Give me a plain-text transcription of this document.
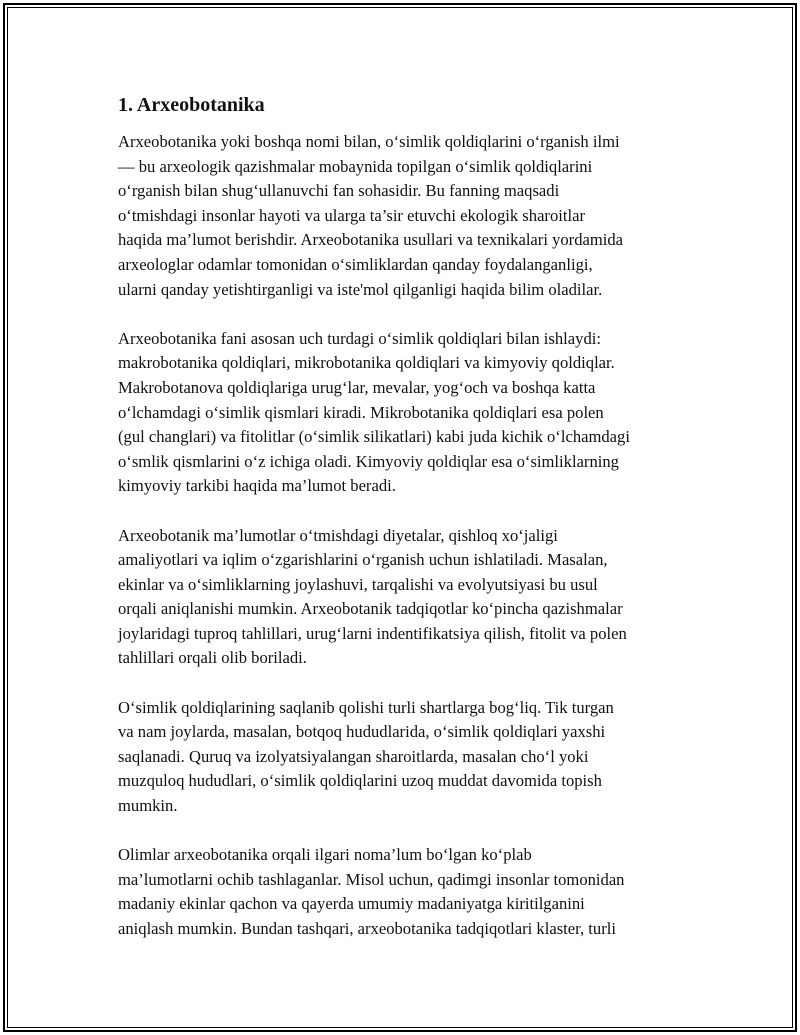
1. Arxeobotanika
Arxeobotanika yoki boshqa nomi bilan, o‘simlik qoldiqlarini o‘rganish ilmi
— bu arxeologik qazishmalar mobaynida topilgan o‘simlik qoldiqlarini
o‘rganish bilan shug‘ullanuvchi fan sohasidir. Bu fanning maqsadi
o‘tmishdagi insonlar hayoti va ularga ta’sir etuvchi ekologik sharoitlar
haqida ma’lumot berishdir. Arxeobotanika usullari va texnikalari yordamida
arxeologlar odamlar tomonidan o‘simliklardan qanday foydalanganligi,
ularni qanday yetishtirganligi va iste'mol qilganligi haqida bilim oladilar.
Arxeobotanika fani asosan uch turdagi o‘simlik qoldiqlari bilan ishlaydi:
makrobotanika qoldiqlari, mikrobotanika qoldiqlari va kimyoviy qoldiqlar.
Makrobotanova qoldiqlariga urug‘lar, mevalar, yog‘och va boshqa katta
o‘lchamdagi o‘simlik qismlari kiradi. Mikrobotanika qoldiqlari esa polen
(gul changlari) va fitolitlar (o‘simlik silikatlari) kabi juda kichik o‘lchamdagi
o‘smlik qismlarini o‘z ichiga oladi. Kimyoviy qoldiqlar esa o‘simliklarning
kimyoviy tarkibi haqida ma’lumot beradi.
Arxeobotanik ma’lumotlar o‘tmishdagi diyetalar, qishloq xo‘jaligi
amaliyotlari va iqlim o‘zgarishlarini o‘rganish uchun ishlatiladi. Masalan,
ekinlar va o‘simliklarning joylashuvi, tarqalishi va evolyutsiyasi bu usul
orqali aniqlanishi mumkin. Arxeobotanik tadqiqotlar ko‘pincha qazishmalar
joylaridagi tuproq tahlillari, urug‘larni indentifikatsiya qilish, fitolit va polen
tahlillari orqali olib boriladi.
O‘simlik qoldiqlarining saqlanib qolishi turli shartlarga bog‘liq. Tik turgan
va nam joylarda, masalan, botqoq hududlarida, o‘simlik qoldiqlari yaxshi
saqlanadi. Quruq va izolyatsiyalangan sharoitlarda, masalan cho‘l yoki
muzquloq hududlari, o‘simlik qoldiqlarini uzoq muddat davomida topish
mumkin.
Olimlar arxeobotanika orqali ilgari noma’lum bo‘lgan ko‘plab
ma’lumotlarni ochib tashlaganlar. Misol uchun, qadimgi insonlar tomonidan
madaniy ekinlar qachon va qayerda umumiy madaniyatga kiritilganini
aniqlash mumkin. Bundan tashqari, arxeobotanika tadqiqotlari klaster, turli
